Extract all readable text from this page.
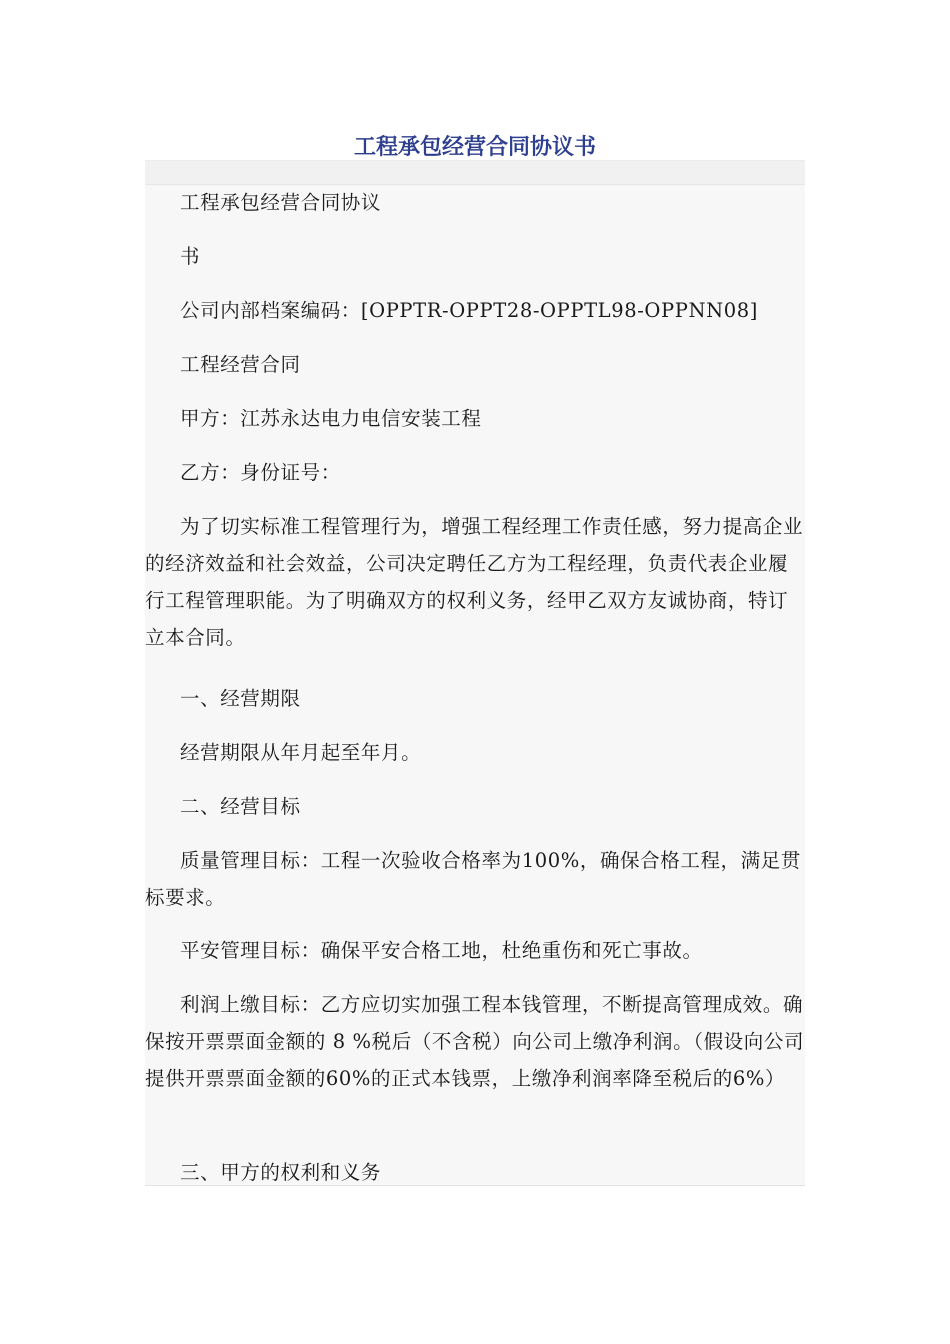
工程承包经营合同协议书

工程承包经营合同协议

书

公司内部档案编码：[OPPTR-OPPT28-OPPTL98-OPPNN08]

工程经营合同

甲方：江苏永达电力电信安装工程

乙方：身份证号：

为了切实标准工程管理行为，增强工程经理工作责任感，努力提高企业的经济效益和社会效益，公司决定聘任乙方为工程经理，负责代表企业履行工程管理职能。为了明确双方的权利义务，经甲乙双方友诚协商，特订立本合同。

一、经营期限

经营期限从年月起至年月。

二、经营目标

质量管理目标：工程一次验收合格率为100%，确保合格工程，满足贯标要求。

平安管理目标：确保平安合格工地，杜绝重伤和死亡事故。

利润上缴目标：乙方应切实加强工程本钱管理，不断提高管理成效。确保按开票票面金额的 8 %税后（不含税）向公司上缴净利润。（假设向公司提供开票票面金额的60%的正式本钱票，上缴净利润率降至税后的6%）

三、甲方的权利和义务
